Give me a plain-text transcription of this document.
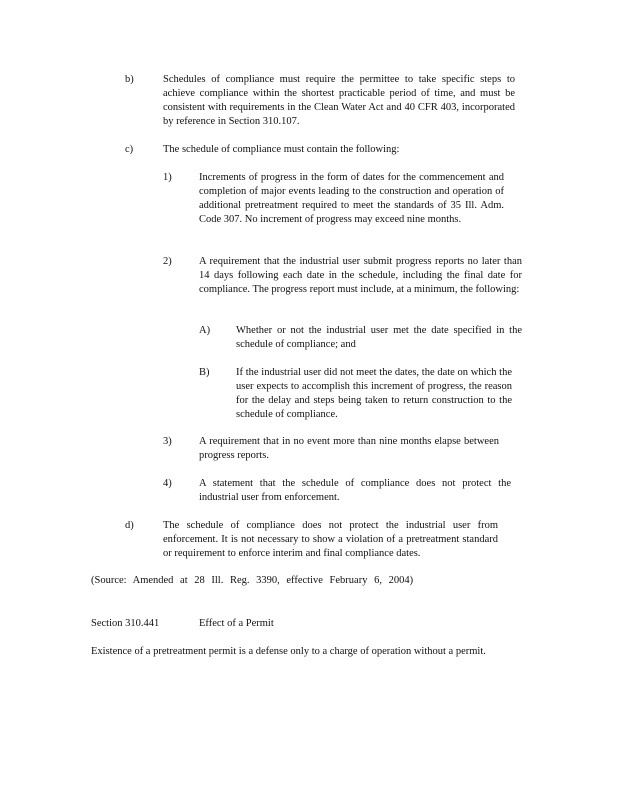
b)	Schedules of compliance must require the permittee to take specific steps to achieve compliance within the shortest practicable period of time, and must be consistent with requirements in the Clean Water Act and 40 CFR 403, incorporated by reference in Section 310.107.
c)	The schedule of compliance must contain the following:
1)	Increments of progress in the form of dates for the commencement and completion of major events leading to the construction and operation of additional pretreatment required to meet the standards of 35 Ill. Adm. Code 307. No increment of progress may exceed nine months.
2)	A requirement that the industrial user submit progress reports no later than 14 days following each date in the schedule, including the final date for compliance. The progress report must include, at a minimum, the following:
A) Whether or not the industrial user met the date specified in the schedule of compliance; and
B)	If the industrial user did not meet the dates, the date on which the user expects to accomplish this increment of progress, the reason for the delay and steps being taken to return construction to the schedule of compliance.
3)	A requirement that in no event more than nine months elapse between progress reports.
4)	A statement that the schedule of compliance does not protect the industrial user from enforcement.
d)	The schedule of compliance does not protect the industrial user from enforcement. It is not necessary to show a violation of a pretreatment standard or requirement to enforce interim and final compliance dates.
(Source: Amended at 28 Ill. Reg. 3390, effective February 6, 2004)
Section 310.441	Effect of a Permit
Existence of a pretreatment permit is a defense only to a charge of operation without a permit.
